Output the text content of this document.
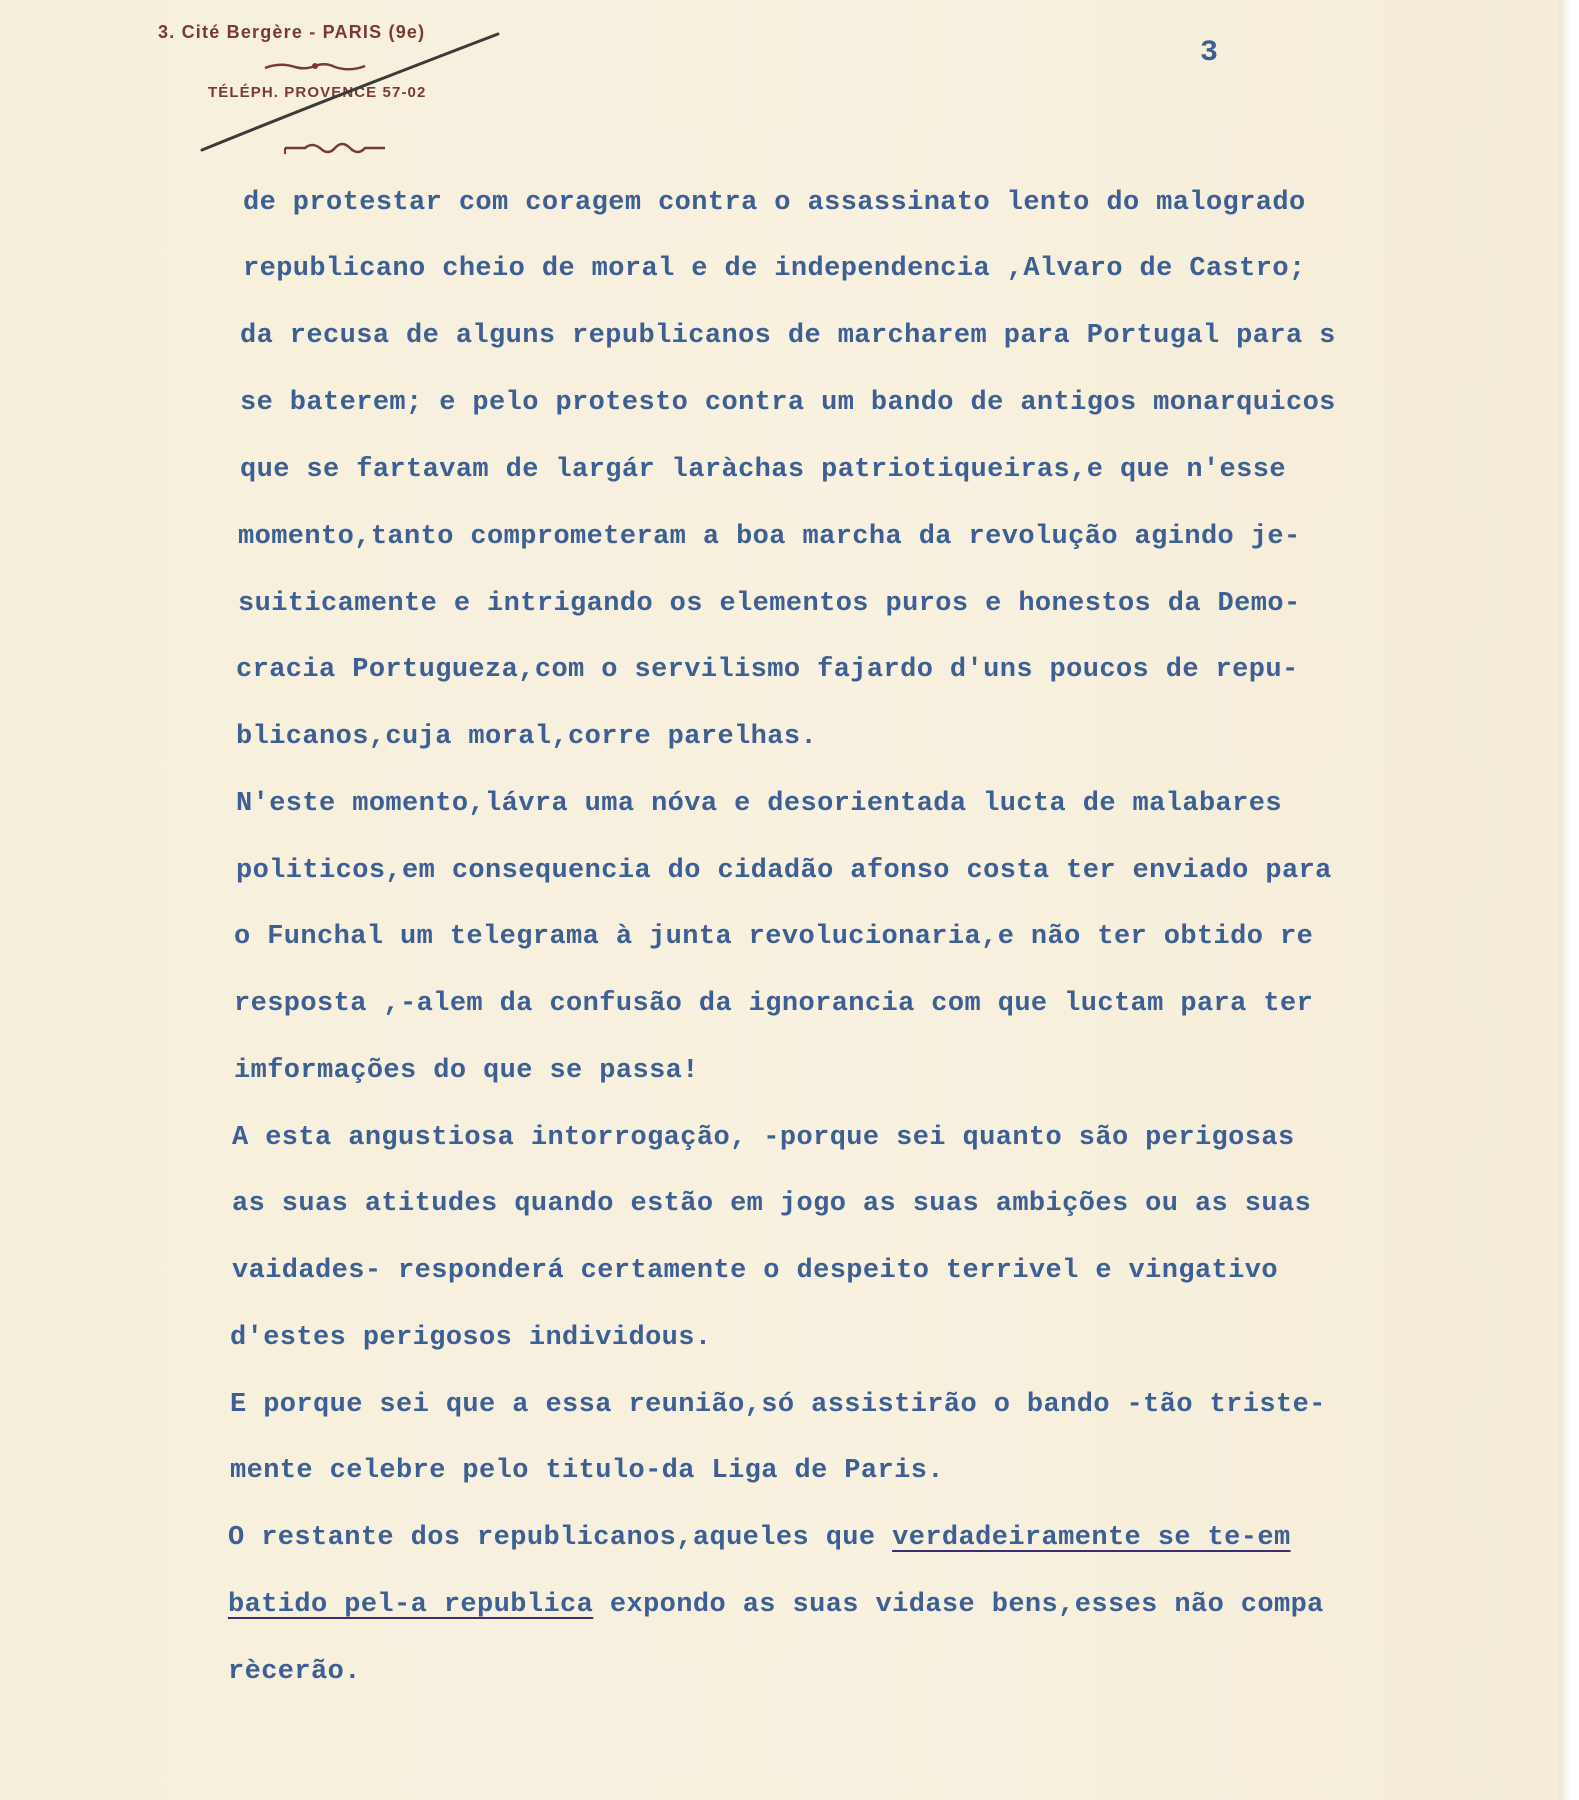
3. Cité Bergère - PARIS (9e)
TÉLÉPH. PROVENCE 57-02
3
de protestar com coragem contra o assassinato lento do malogrado
republicano cheio de moral e de independencia ,Alvaro de Castro;
da recusa de alguns republicanos de marcharem para Portugal para s
se baterem; e pelo protesto contra um bando de antigos monarquicos
que se fartavam de largár laràchas patriotiqueiras,e que n'esse
momento,tanto comprometeram a boa marcha da revolução agindo je-
suiticamente e intrigando os elementos puros e honestos da Demo-
cracia Portugueza,com o servilismo fajardo d'uns poucos de repu-
blicanos,cuja moral,corre parelhas.
N'este momento,lávra uma nóva e desorientada lucta de malabares
politicos,em consequencia do cidadão afonso costa ter enviado para
o Funchal um telegrama à junta revolucionaria,e não ter obtido re
resposta ,-alem da confusão da ignorancia com que luctam para ter
imformações do que se passa!
A esta angustiosa intorrogação, -porque sei quanto são perigosas
as suas atitudes quando estão em jogo as suas ambições ou as suas
vaidades- responderá certamente o despeito terrivel e vingativo
d'estes perigosos individous.
E porque sei que a essa reunião,só assistirão o bando -tão triste-
mente celebre pelo titulo-da Liga de Paris.
O restante dos republicanos,aqueles que verdadeiramente se te-em
batido pel-a republica expondo as suas vidase bens,esses não compa
rècerão.
